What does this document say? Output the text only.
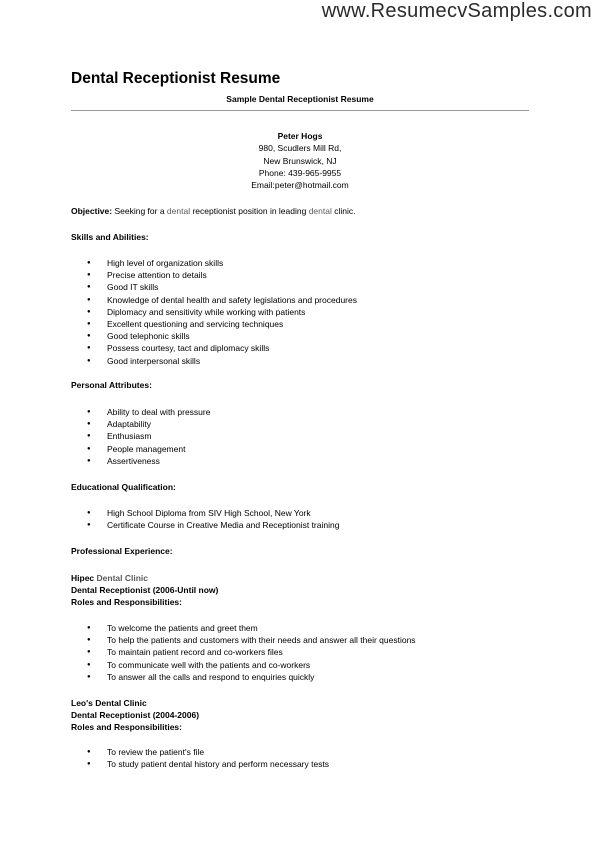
www.ResumecvSamples.com
Dental Receptionist Resume
Sample Dental Receptionist Resume
Peter Hogs
980, Scudlers Mill Rd,
New Brunswick, NJ
Phone: 439-965-9955
Email:peter@hotmail.com
Objective: Seeking for a dental receptionist position in leading dental clinic.
Skills and Abilities:
● High level of organization skills
● Precise attention to details
● Good IT skills
● Knowledge of dental health and safety legislations and procedures
● Diplomacy and sensitivity while working with patients
● Excellent questioning and servicing techniques
● Good telephonic skills
● Possess courtesy, tact and diplomacy skills
● Good interpersonal skills
Personal Attributes:
● Ability to deal with pressure
● Adaptability
● Enthusiasm
● People management
● Assertiveness
Educational Qualification:
● High School Diploma from SIV High School, New York
● Certificate Course in Creative Media and Receptionist training
Professional Experience:
Hipec Dental Clinic
Dental Receptionist (2006-Until now)
Roles and Responsibilities:
● To welcome the patients and greet them
● To help the patients and customers with their needs and answer all their questions
● To maintain patient record and co-workers files
● To communicate well with the patients and co-workers
● To answer all the calls and respond to enquiries quickly
Leo's Dental Clinic
Dental Receptionist (2004-2006)
Roles and Responsibilities:
● To review the patient's file
● To study patient dental history and perform necessary tests
